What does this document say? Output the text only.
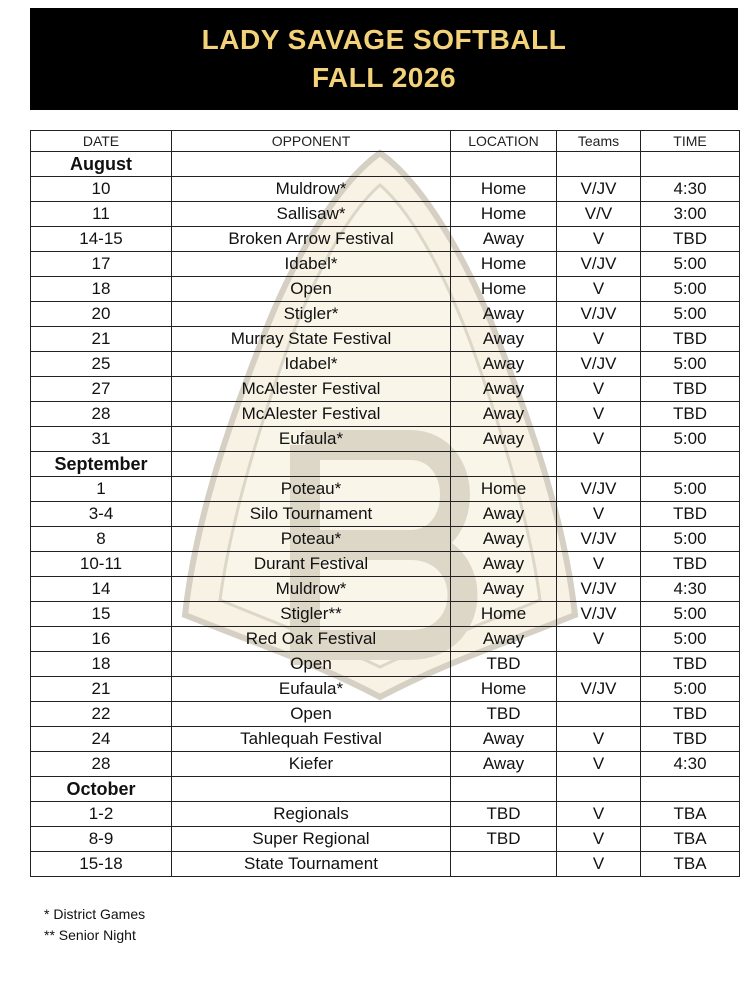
LADY SAVAGE SOFTBALL
FALL 2026
DATE	OPPONENT	LOCATION	Teams	TIME
August				
10	Muldrow*	Home	V/JV	4:30
11	Sallisaw*	Home	V/V	3:00
14-15	Broken Arrow Festival	Away	V	TBD
17	Idabel*	Home	V/JV	5:00
18	Open	Home	V	5:00
20	Stigler*	Away	V/JV	5:00
21	Murray State Festival	Away	V	TBD
25	Idabel*	Away	V/JV	5:00
27	McAlester Festival	Away	V	TBD
28	McAlester Festival	Away	V	TBD
31	Eufaula*	Away	V	5:00
September				
1	Poteau*	Home	V/JV	5:00
3-4	Silo Tournament	Away	V	TBD
8	Poteau*	Away	V/JV	5:00
10-11	Durant Festival	Away	V	TBD
14	Muldrow*	Away	V/JV	4:30
15	Stigler**	Home	V/JV	5:00
16	Red Oak Festival	Away	V	5:00
18	Open	TBD		TBD
21	Eufaula*	Home	V/JV	5:00
22	Open	TBD		TBD
24	Tahlequah Festival	Away	V	TBD
28	Kiefer	Away	V	4:30
October				
1-2	Regionals	TBD	V	TBA
8-9	Super Regional	TBD	V	TBA
15-18	State Tournament		V	TBA
* District Games
** Senior Night
